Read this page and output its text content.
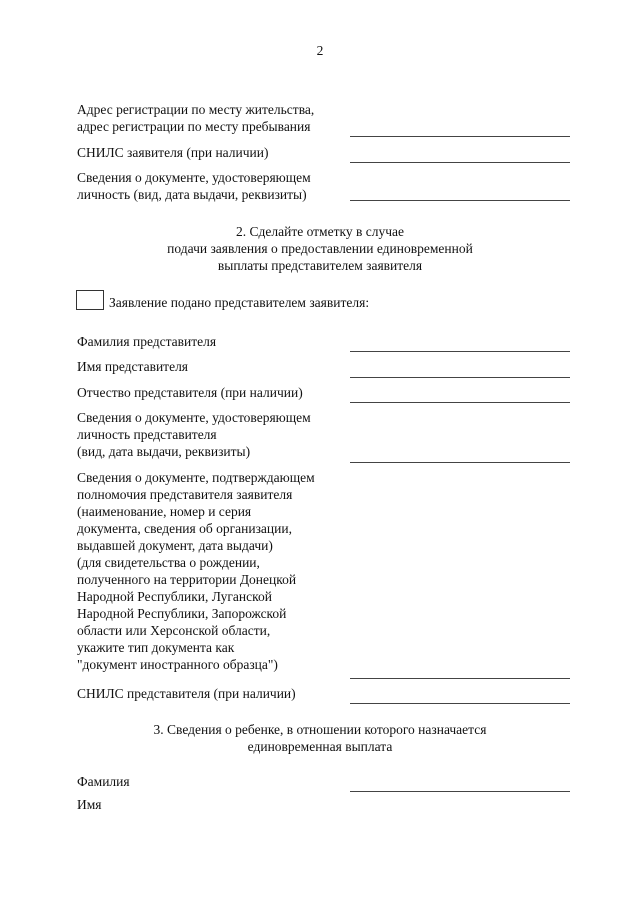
2
Адрес регистрации по месту жительства,
адрес регистрации по месту пребывания
СНИЛС заявителя (при наличии)
Сведения о документе, удостоверяющем
личность (вид, дата выдачи, реквизиты)
2. Сделайте отметку в случае
подачи заявления о предоставлении единовременной
выплаты представителем заявителя
Заявление подано представителем заявителя:
Фамилия представителя
Имя представителя
Отчество представителя (при наличии)
Сведения о документе, удостоверяющем
личность представителя
(вид, дата выдачи, реквизиты)
Сведения о документе, подтверждающем
полномочия представителя заявителя
(наименование, номер и серия
документа, сведения об организации,
выдавшей документ, дата выдачи)
(для свидетельства о рождении,
полученного на территории Донецкой
Народной Республики, Луганской
Народной Республики, Запорожской
области или Херсонской области,
укажите тип документа как
"документ иностранного образца")
СНИЛС представителя (при наличии)
3. Сведения о ребенке, в отношении которого назначается
единовременная выплата
Фамилия
Имя
